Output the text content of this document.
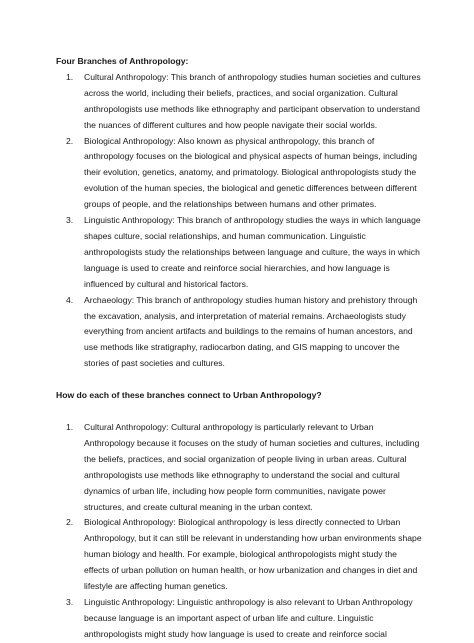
Four Branches of Anthropology:

1. Cultural Anthropology: This branch of anthropology studies human societies and cultures across the world, including their beliefs, practices, and social organization. Cultural anthropologists use methods like ethnography and participant observation to understand the nuances of different cultures and how people navigate their social worlds.
2. Biological Anthropology: Also known as physical anthropology, this branch of anthropology focuses on the biological and physical aspects of human beings, including their evolution, genetics, anatomy, and primatology. Biological anthropologists study the evolution of the human species, the biological and genetic differences between different groups of people, and the relationships between humans and other primates.
3. Linguistic Anthropology: This branch of anthropology studies the ways in which language shapes culture, social relationships, and human communication. Linguistic anthropologists study the relationships between language and culture, the ways in which language is used to create and reinforce social hierarchies, and how language is influenced by cultural and historical factors.
4. Archaeology: This branch of anthropology studies human history and prehistory through the excavation, analysis, and interpretation of material remains. Archaeologists study everything from ancient artifacts and buildings to the remains of human ancestors, and use methods like stratigraphy, radiocarbon dating, and GIS mapping to uncover the stories of past societies and cultures.

How do each of these branches connect to Urban Anthropology?

1. Cultural Anthropology: Cultural anthropology is particularly relevant to Urban Anthropology because it focuses on the study of human societies and cultures, including the beliefs, practices, and social organization of people living in urban areas. Cultural anthropologists use methods like ethnography to understand the social and cultural dynamics of urban life, including how people form communities, navigate power structures, and create cultural meaning in the urban context.
2. Biological Anthropology: Biological anthropology is less directly connected to Urban Anthropology, but it can still be relevant in understanding how urban environments shape human biology and health. For example, biological anthropologists might study the effects of urban pollution on human health, or how urbanization and changes in diet and lifestyle are affecting human genetics.
3. Linguistic Anthropology: Linguistic anthropology is also relevant to Urban Anthropology because language is an important aspect of urban life and culture. Linguistic anthropologists might study how language is used to create and reinforce social
